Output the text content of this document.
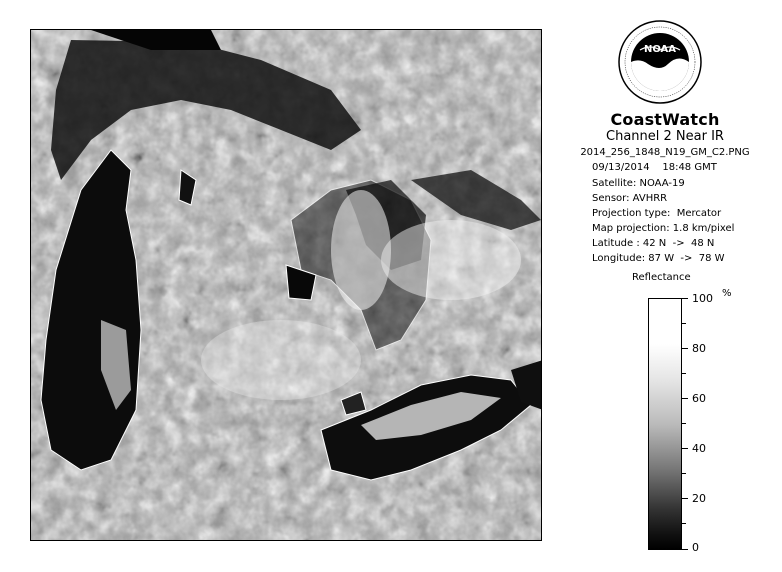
NOAA
CoastWatch
Channel 2 Near IR
2014_256_1848_N19_GM_C2.PNG
09/13/2014    18:48 GMT
Satellite: NOAA-19
Sensor: AVHRR
Projection type:  Mercator
Map projection: 1.8 km/pixel
Latitude : 42 N  ->  48 N
Longitude: 87 W  ->  78 W
Reflectance
%
100
80
60
40
20
0
